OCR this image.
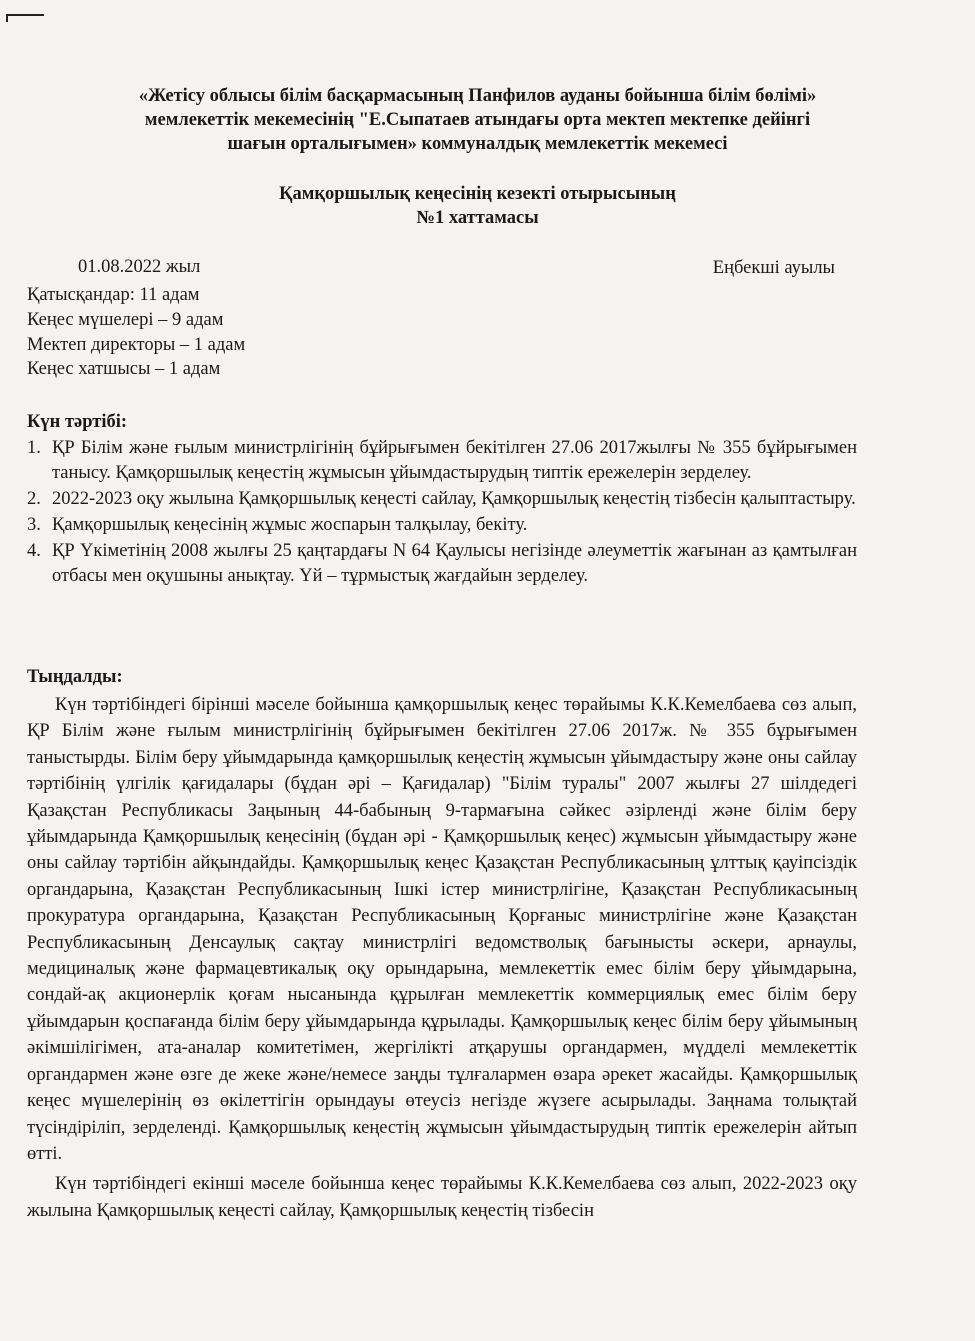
«Жетісу облысы білім басқармасының Панфилов ауданы бойынша білім бөлімі»
мемлекеттік мекемесінің "Е.Сыпатаев атындағы орта мектеп мектепке дейінгі
шағын орталығымен» коммуналдық мемлекеттік мекемесі
Қамқоршылық кеңесінің кезекті отырысының
№1 хаттамасы
01.08.2022 жыл	Еңбекші ауылы
Қатысқандар: 11 адам
Кеңес мүшелері – 9 адам
Мектеп директоры – 1 адам
Кеңес хатшысы – 1 адам
Күн тәртібі:
1. ҚР Білім және ғылым министрлігінің бұйрығымен бекітілген 27.06 2017жылғы № 355 бұйрығымен танысу. Қамқоршылық кеңестің жұмысын ұйымдастырудың типтік ережелерін зерделеу.
2. 2022-2023 оқу жылына Қамқоршылық кеңесті сайлау, Қамқоршылық кеңестің тізбесін қалыптастыру.
3. Қамқоршылық кеңесінің жұмыс жоспарын талқылау, бекіту.
4. ҚР Үкіметінің 2008 жылғы 25 қаңтардағы N 64 Қаулысы негізінде әлеуметтік жағынан аз қамтылған отбасы мен оқушыны анықтау. Үй – тұрмыстық жағдайын зерделеу.
Тыңдалды:

Күн тәртібіндегі бірінші мәселе бойынша қамқоршылық кеңес төрайымы К.К.Кемелбаева сөз алып, ҚР Білім және ғылым министрлігінің бұйрығымен бекітілген 27.06 2017ж. № 355 бұрығымен таныстырды. Білім беру ұйымдарында қамқоршылық кеңестің жұмысын ұйымдастыру және оны сайлау тәртібінің үлгілік қағидалары (бұдан әрі – Қағидалар) "Білім туралы" 2007 жылғы 27 шілдедегі Қазақстан Республикасы Заңының 44-бабының 9-тармағына сәйкес әзірленді және білім беру ұйымдарында Қамқоршылық кеңесінің (бұдан әрі - Қамқоршылық кеңес) жұмысын ұйымдастыру және оны сайлау тәртібін айқындайды. Қамқоршылық кеңес Қазақстан Республикасының ұлттық қауіпсіздік органдарына, Қазақстан Республикасының Ішкі істер министрлігіне, Қазақстан Республикасының прокуратура органдарына, Қазақстан Республикасының Қорғаныс министрлігіне және Қазақстан Республикасының Денсаулық сақтау министрлігі ведомстволық бағынысты әскери, арнаулы, медициналық және фармацевтикалық оқу орындарына, мемлекеттік емес білім беру ұйымдарына, сондай-ақ акционерлік қоғам нысанында құрылған мемлекеттік коммерциялық емес білім беру ұйымдарын қоспағанда білім беру ұйымдарында құрылады. Қамқоршылық кеңес білім беру ұйымының әкімшілігімен, ата-аналар комитетімен, жергілікті атқарушы органдармен, мүдделі мемлекеттік органдармен және өзге де жеке және/немесе заңды тұлғалармен өзара әрекет жасайды. Қамқоршылық кеңес мүшелерінің өз өкілеттігін орындауы өтеусіз негізде жүзеге асырылады. Заңнама толықтай түсіндіріліп, зерделенді. Қамқоршылық кеңестің жұмысын ұйымдастырудың типтік ережелерін айтып өтті.

Күн тәртібіндегі екінші мәселе бойынша кеңес төрайымы К.К.Кемелбаева сөз алып, 2022-2023 оқу жылына Қамқоршылық кеңесті сайлау, Қамқоршылық кеңестің тізбесін
